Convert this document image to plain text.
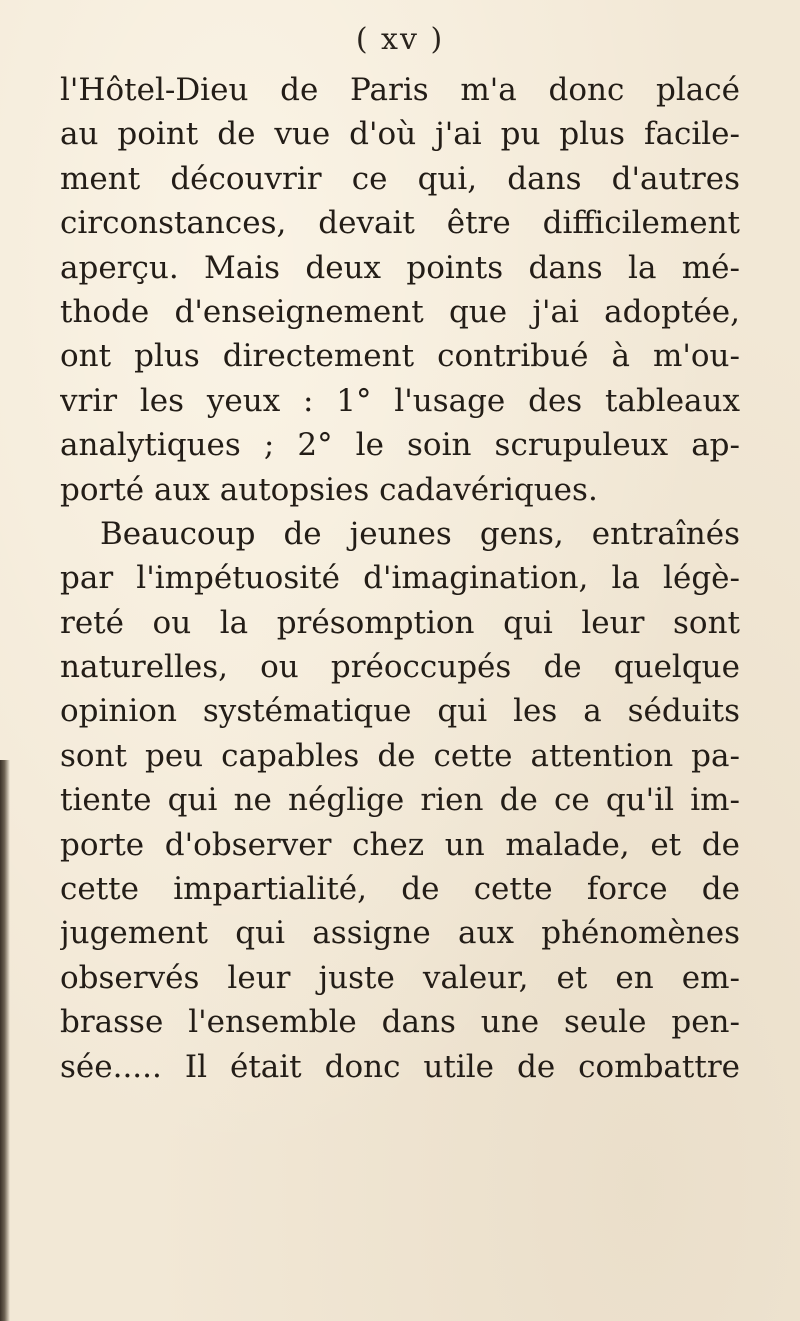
( xv )
l'Hôtel-Dieu de Paris m'a donc placé
au point de vue d'où j'ai pu plus facile-
ment découvrir ce qui, dans d'autres
circonstances, devait être difficilement
aperçu. Mais deux points dans la mé-
thode d'enseignement que j'ai adoptée,
ont plus directement contribué à m'ou-
vrir les yeux : 1° l'usage des tableaux
analytiques ; 2° le soin scrupuleux ap-
porté aux autopsies cadavériques.
Beaucoup de jeunes gens, entraînés
par l'impétuosité d'imagination, la légè-
reté ou la présomption qui leur sont
naturelles, ou préoccupés de quelque
opinion systématique qui les a séduits
sont peu capables de cette attention pa-
tiente qui ne néglige rien de ce qu'il im-
porte d'observer chez un malade, et de
cette impartialité, de cette force de
jugement qui assigne aux phénomènes
observés leur juste valeur, et en em-
brasse l'ensemble dans une seule pen-
sée..... Il était donc utile de combattre
